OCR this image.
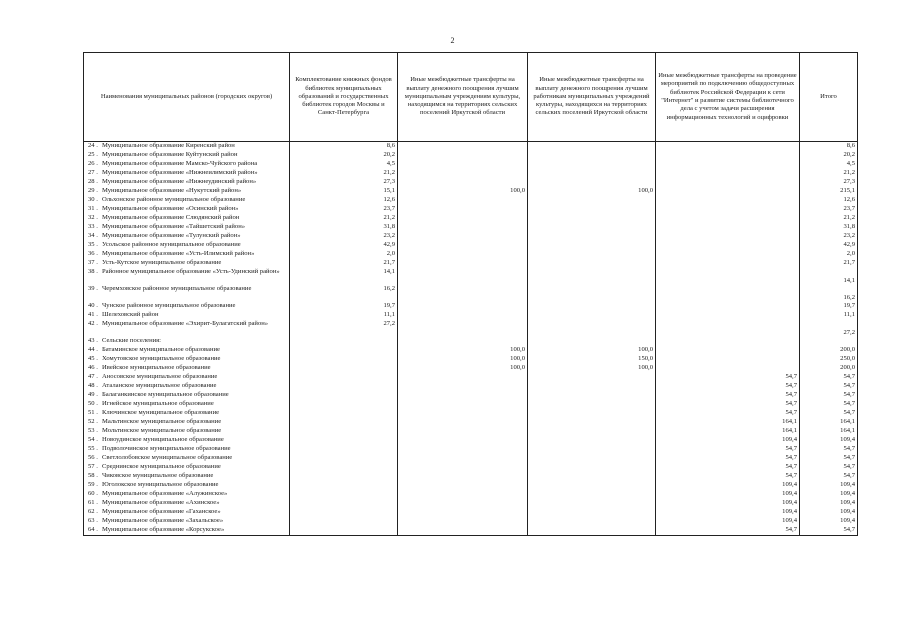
2
Наименования муниципальных районов (городских округов)	Комплектование книжных фондов библиотек муниципальных образований и государственных библиотек городов Москвы и Санкт-Петербурга	Иные межбюджетные трансферты на выплату денежного поощрения лучшим муниципальным учреждениям культуры, находящимся на территориях сельских поселений Иркутской области	Иные межбюджетные трансферты на выплату денежного поощрения лучшим работникам муниципальных учреждений культуры, находящихся на территориях сельских поселений Иркутской области	Иные межбюджетные трансферты на проведение мероприятий по подключению общедоступных библиотек Российской Федерации к сети "Интернет" и развитие системы библиотечного дела с учетом задачи расширения информационных технологий и оцифровки	Итого
24 . Муниципальное образование Киренский район	8,6				8,6
25 . Муниципальное образование Куйтунский район	20,2				20,2
26 . Муниципальное образование Мамско-Чуйского района	4,5				4,5
27 . Муниципальное образование «Нижнеилимский район»	21,2				21,2
28 . Муниципальное образование «Нижнеудинский район»	27,3				27,3
29 . Муниципальное образование «Нукутский район»	15,1	100,0	100,0		215,1
30 . Ольхонское районное муниципальное образование	12,6				12,6
31 . Муниципальное образование «Осинский район»	23,7				23,7
32 . Муниципальное образование Слюдянский район	21,2				21,2
33 . Муниципальное образование «Тайшетский район»	31,8				31,8
34 . Муниципальное образование «Тулунский район»	23,2				23,2
35 . Усольское районное муниципальное образование	42,9				42,9
36 . Муниципальное образование «Усть-Илимский район»	2,0				2,0
37 . Усть-Кутское муниципальное образование	21,7				21,7
38 . Районное муниципальное образование «Усть-Удинский район»	14,1				14,1
39 . Черемховское районное муниципальное образование	16,2				16,2
40 . Чунское районное муниципальное образование	19,7				19,7
41 . Шелеховский район	11,1				11,1
42 . Муниципальное образование «Эхирит-Булагатский район»	27,2				27,2
43 . Сельские поселения:					
44 . Батаминское муниципальное образование		100,0	100,0		200,0
45 . Хомутовское муниципальное образование		100,0	150,0		250,0
46 . Ивейское муниципальное образование		100,0	100,0		200,0
47 . Аносовское муниципальное образование				54,7	54,7
48 . Аталанское муниципальное образование				54,7	54,7
49 . Балаганкинское муниципальное образование				54,7	54,7
50 . Игнейское муниципальное образование				54,7	54,7
51 . Ключинское муниципальное образование				54,7	54,7
52 . Мальтинское муниципальное образование				164,1	164,1
53 . Мольтинское муниципальное образование				164,1	164,1
54 . Новоудинское муниципальное образование				109,4	109,4
55 . Подволочинское муниципальное образование				54,7	54,7
56 . Светлолобовское муниципальное образование				54,7	54,7
57 . Среднинское муниципальное образование				54,7	54,7
58 . Чиковское муниципальное образование				54,7	54,7
59 . Юголокское муниципальное образование				109,4	109,4
60 . Муниципальное образование «Алужинское»				109,4	109,4
61 . Муниципальное образование «Ахинское»				109,4	109,4
62 . Муниципальное образование «Гаханское»				109,4	109,4
63 . Муниципальное образование «Захальское»				109,4	109,4
64 . Муниципальное образование «Корсукское»				54,7	54,7
